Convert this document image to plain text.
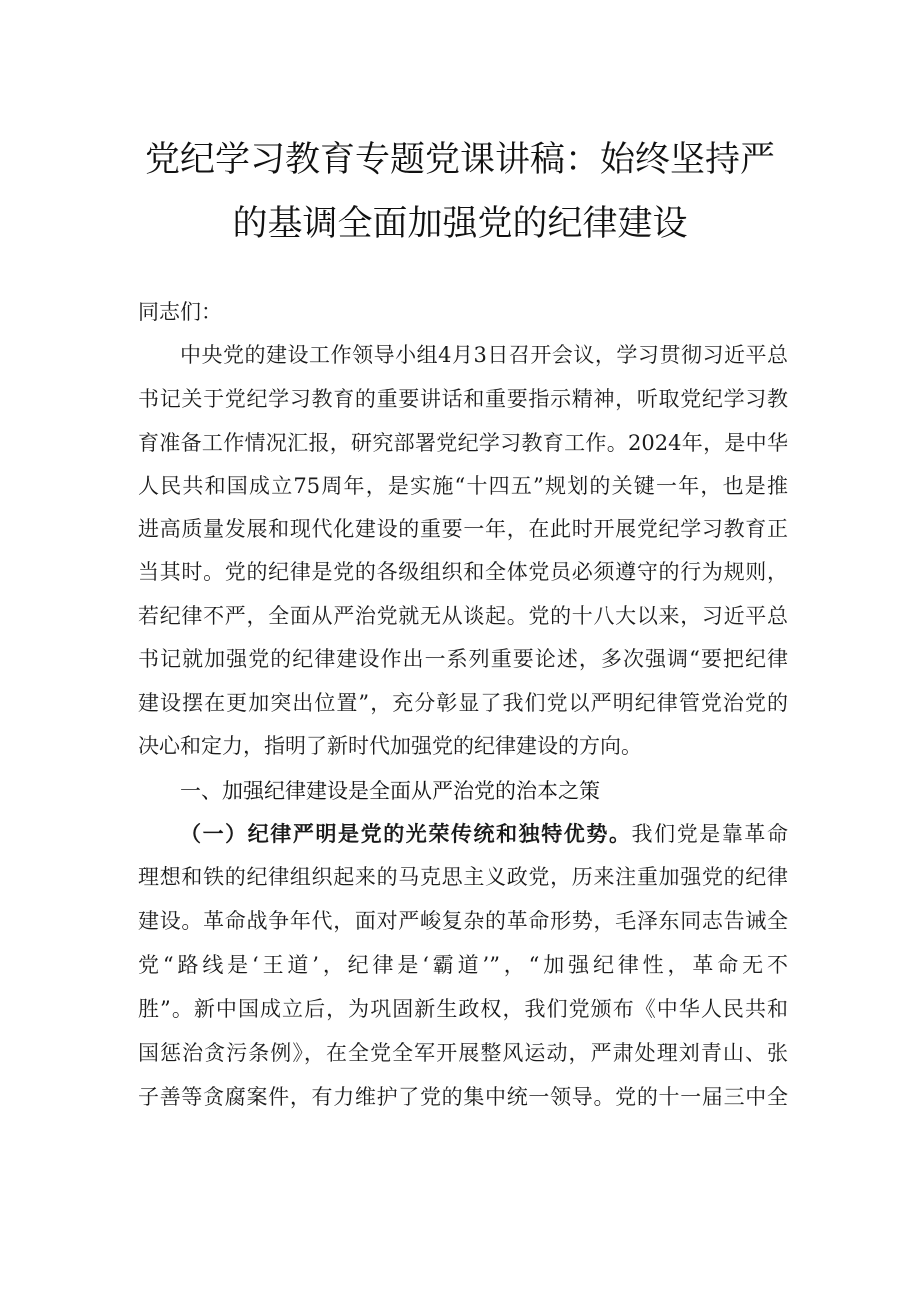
党纪学习教育专题党课讲稿：始终坚持严
的基调全面加强党的纪律建设
同志们：
中央党的建设工作领导小组4月3日召开会议，学习贯彻习近平总
书记关于党纪学习教育的重要讲话和重要指示精神，听取党纪学习教
育准备工作情况汇报，研究部署党纪学习教育工作。2024年，是中华
人民共和国成立75周年，是实施“十四五”规划的关键一年，也是推
进高质量发展和现代化建设的重要一年，在此时开展党纪学习教育正
当其时。党的纪律是党的各级组织和全体党员必须遵守的行为规则，
若纪律不严，全面从严治党就无从谈起。党的十八大以来，习近平总
书记就加强党的纪律建设作出一系列重要论述，多次强调“要把纪律
建设摆在更加突出位置”，充分彰显了我们党以严明纪律管党治党的
决心和定力，指明了新时代加强党的纪律建设的方向。
一、加强纪律建设是全面从严治党的治本之策
（一）纪律严明是党的光荣传统和独特优势。我们党是靠革命
理想和铁的纪律组织起来的马克思主义政党，历来注重加强党的纪律
建设。革命战争年代，面对严峻复杂的革命形势，毛泽东同志告诫全
党“路线是‘王道’，纪律是‘霸道’”，“加强纪律性，革命无不
胜”。新中国成立后，为巩固新生政权，我们党颁布《中华人民共和
国惩治贪污条例》，在全党全军开展整风运动，严肃处理刘青山、张
子善等贪腐案件，有力维护了党的集中统一领导。党的十一届三中全
